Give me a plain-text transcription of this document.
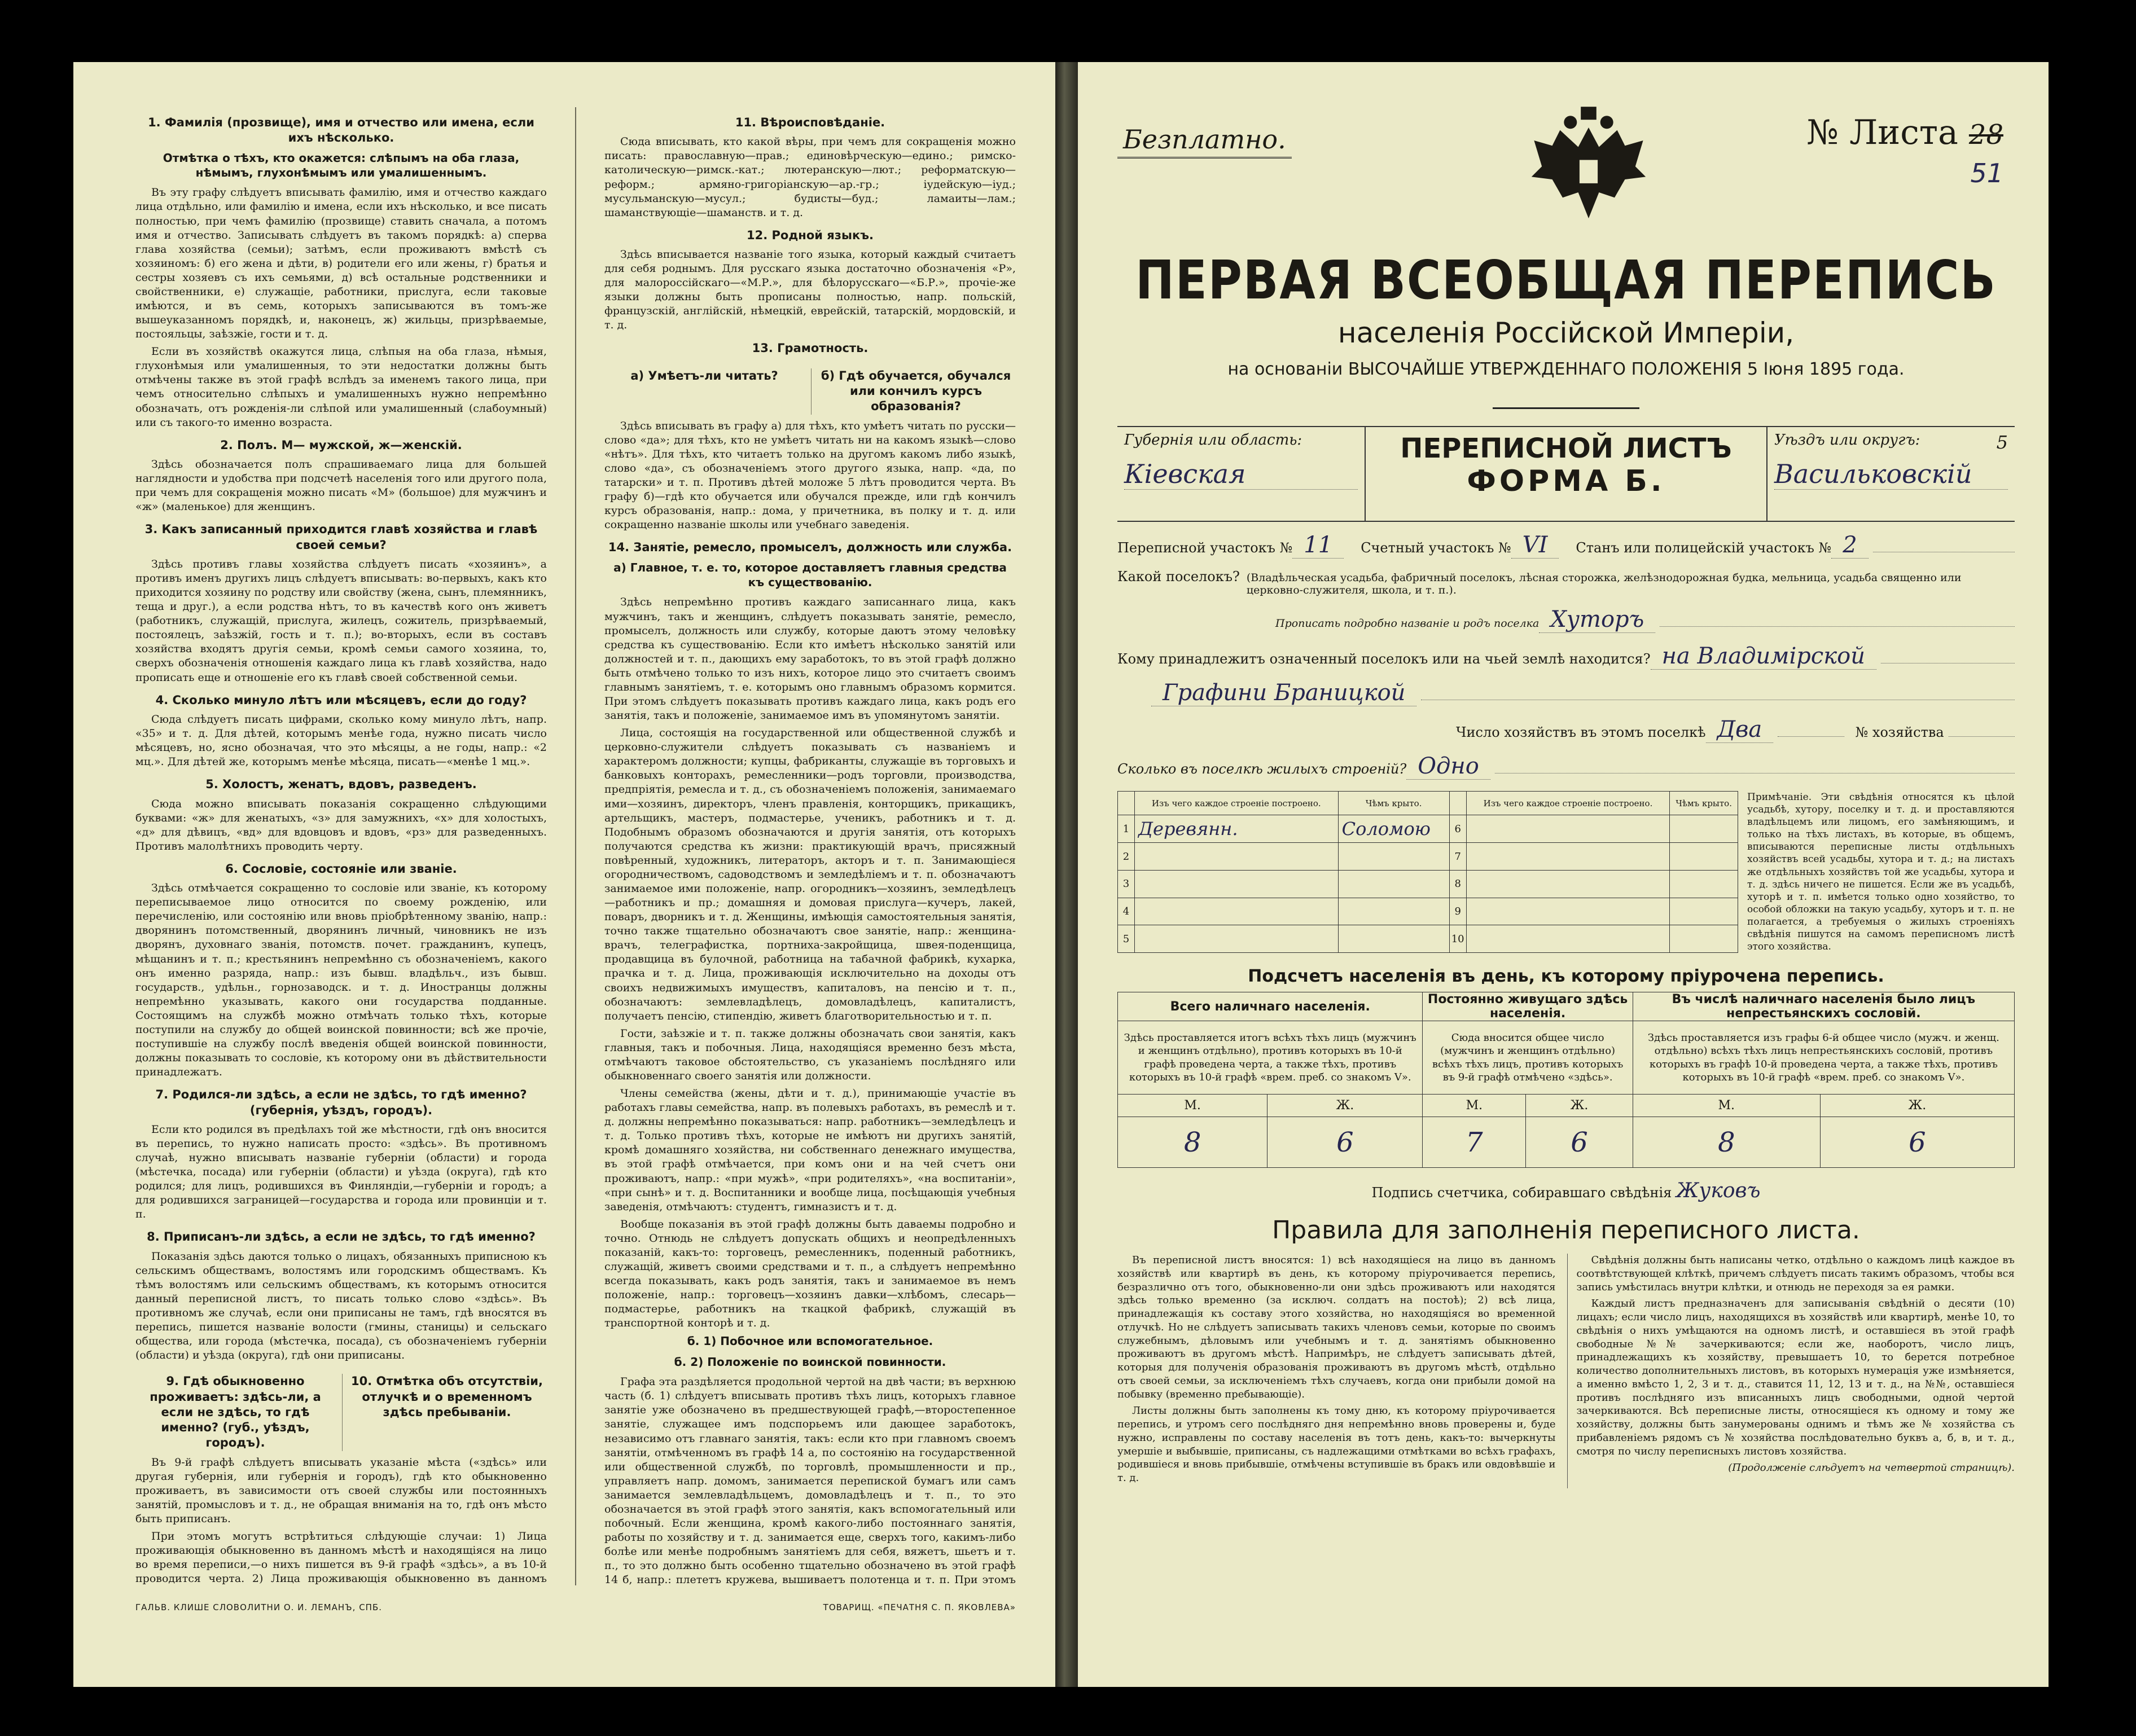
1. Фамилія (прозвище), имя и отчество или имена, если ихъ нѣсколько.
Отмѣтка о тѣхъ, кто окажется: слѣпымъ на оба глаза, нѣмымъ, глухонѣмымъ или умалишеннымъ.

Въ эту графу слѣдуетъ вписывать фамилію, имя и отчество каждаго лица отдѣльно, или фамилію и имена, если ихъ нѣсколько, и все писать полностью, при чемъ фамилію (прозвище) ставить сначала, а потомъ имя и отчество. Записывать слѣдуетъ въ такомъ порядкѣ: а) сперва глава хозяйства (семьи); затѣмъ, если проживаютъ вмѣстѣ съ хозяиномъ: б) его жена и дѣти, в) родители его или жены, г) братья и сестры хозяевъ съ ихъ семьями, д) всѣ остальные родственники и свойственники, е) служащіе, работники, прислуга, если таковые имѣются, и въ семь, которыхъ записываются въ томъ-же вышеуказанномъ порядкѣ, и, наконецъ, ж) жильцы, призрѣваемые, постояльцы, заѣзжіе, гости и т. д.

Если въ хозяйствѣ окажутся лица, слѣпыя на оба глаза, нѣмыя, глухонѣмыя или умалишенныя, то эти недостатки должны быть отмѣчены также въ этой графѣ вслѣдъ за именемъ такого лица, при чемъ относительно слѣпыхъ и умалишенныхъ нужно непремѣнно обозначать, отъ рожденія-ли слѣпой или умалишенный (слабоумный) или съ такого-то именно возраста.

2. Полъ. М— мужской, ж—женскій.

Здѣсь обозначается полъ спрашиваемаго лица для большей наглядности и удобства при подсчетѣ населенія того или другого пола, при чемъ для сокращенія можно писать «М» (большое) для мужчинъ и «ж» (маленькое) для женщинъ.

3. Какъ записанный приходится главѣ хозяйства и главѣ своей семьи?

Здѣсь противъ главы хозяйства слѣдуетъ писать «хозяинъ», а противъ именъ другихъ лицъ слѣдуетъ вписывать: во-первыхъ, какъ кто приходится хозяину по родству или свойству (жена, сынъ, племянникъ, теща и друг.), а если родства нѣтъ, то въ качествѣ кого онъ живетъ (работникъ, служащій, прислуга, жилецъ, сожитель, призрѣваемый, постоялецъ, заѣзжій, гость и т. п.); во-вторыхъ, если въ составъ хозяйства входятъ другія семьи, кромѣ семьи самого хозяина, то, сверхъ обозначенія отношенія каждаго лица къ главѣ хозяйства, надо прописать еще и отношеніе его къ главѣ своей собственной семьи.

4. Сколько минуло лѣтъ или мѣсяцевъ, если до году?

Сюда слѣдуетъ писать цифрами, сколько кому минуло лѣтъ, напр. «35» и т. д. Для дѣтей, которымъ менѣе года, нужно писать число мѣсяцевъ, но, ясно обозначая, что это мѣсяцы, а не годы, напр.: «2 мц.». Для дѣтей же, которымъ менѣе мѣсяца, писать—«менѣе 1 мц.».

5. Холостъ, женатъ, вдовъ, разведенъ.

Сюда можно вписывать показанія сокращенно слѣдующими буквами: «ж» для женатыхъ, «з» для замужнихъ, «х» для холостыхъ, «д» для дѣвицъ, «вд» для вдовцовъ и вдовъ, «рз» для разведенныхъ. Противъ малолѣтнихъ проводить черту.

6. Сословіе, состояніе или званіе.

Здѣсь отмѣчается сокращенно то сословіе или званіе, къ которому переписываемое лицо относится по своему рожденію, или перечисленію, или состоянію или вновь пріобрѣтенному званію, напр.: дворянинъ потомственный, дворянинъ личный, чиновникъ не изъ дворянъ, духовнаго званія, потомств. почет. гражданинъ, купецъ, мѣщанинъ и т. п.; крестьянинъ непремѣнно съ обозначеніемъ, какого онъ именно разряда, напр.: изъ бывш. владѣльч., изъ бывш. государств., удѣльн., горнозаводск. и т. д. Иностранцы должны непремѣнно указывать, какого они государства подданные. Состоящимъ на службѣ можно отмѣчать только тѣхъ, которые поступили на службу до общей воинской повинности; всѣ же прочіе, поступившіе на службу послѣ введенія общей воинской повинности, должны показывать то сословіе, къ которому они въ дѣйствительности принадлежатъ.

7. Родился-ли здѣсь, а если не здѣсь, то гдѣ именно? (губернія, уѣздъ, городъ).

Если кто родился въ предѣлахъ той же мѣстности, гдѣ онъ вносится въ перепись, то нужно написать просто: «здѣсь». Въ противномъ случаѣ, нужно вписывать названіе губерніи (области) и города (мѣстечка, посада) или губерніи (области) и уѣзда (округа), гдѣ кто родился; для лицъ, родившихся въ Финляндіи,—губерніи и городъ; а для родившихся заграницей—государства и города или провинціи и т. п.

8. Приписанъ-ли здѣсь, а если не здѣсь, то гдѣ именно?

Показанія здѣсь даются только о лицахъ, обязанныхъ приписною къ сельскимъ обществамъ, волостямъ или городскимъ обществамъ. Къ тѣмъ волостямъ или сельскимъ обществамъ, къ которымъ относится данный переписной листъ, то писать только слово «здѣсь». Въ противномъ же случаѣ, если они приписаны не тамъ, гдѣ вносятся въ перепись, пишется названіе волости (гмины, станицы) и сельскаго общества, или города (мѣстечка, посада), съ обозначеніемъ губерніи (области) и уѣзда (округа), гдѣ они приписаны.

9. Гдѣ обыкновенно проживаетъ: здѣсь-ли, а если не здѣсь, то гдѣ именно? (губ., уѣздъ, городъ).
10. Отмѣтка объ отсутствіи, отлучкѣ и о временномъ здѣсь пребываніи.

Въ 9-й графѣ слѣдуетъ вписывать указаніе мѣста («здѣсь» или другая губернія, или губернія и городъ), гдѣ кто обыкновенно проживаетъ, въ зависимости отъ своей службы или постоянныхъ занятій, промысловъ и т. д., не обращая вниманія на то, гдѣ онъ мѣсто быть приписанъ.

При этомъ могутъ встрѣтиться слѣдующіе случаи: 1) Лица проживающія обыкновенно въ данномъ мѣстѣ и находящіяся на лицо во время переписи,—о нихъ пишется въ 9-й графѣ «здѣсь», а въ 10-й проводится черта. 2) Лица проживающія обыкновенно въ данномъ

11. Вѣроисповѣданіе.

Сюда вписывать, кто какой вѣры, при чемъ для сокращенія можно писать: православную—прав.; единовѣрческую—едино.; римско-католическую—римск.-кат.; лютеранскую—лют.; реформатскую—реформ.; армяно-григоріанскую—ар.-гр.; іудейскую—іуд.; мусульманскую—мусул.; будисты—буд.; ламаиты—лам.; шаманствующіе—шаманств. и т. д.

12. Родной языкъ.

Здѣсь вписывается названіе того языка, который каждый считаетъ для себя роднымъ. Для русскаго языка достаточно обозначенія «Р», для малороссійскаго—«М.Р.», для бѣлорусскаго—«Б.Р.», прочіе-же языки должны быть прописаны полностью, напр. польскій, французскій, англійскій, нѣмецкій, еврейскій, татарскій, мордовскій, и т. д.

13. Грамотность.
а) Умѣетъ-ли читать?	б) Гдѣ обучается, обучался или кончилъ курсъ образованія?

Здѣсь вписывать въ графу а) для тѣхъ, кто умѣетъ читать по русски—слово «да»; для тѣхъ, кто не умѣетъ читать ни на какомъ языкѣ—слово «нѣтъ». Для тѣхъ, кто читаетъ только на другомъ какомъ либо языкѣ, слово «да», съ обозначеніемъ этого другого языка, напр. «да, по татарски» и т. п. Противъ дѣтей моложе 5 лѣтъ проводится черта. Въ графу б)—гдѣ кто обучается или обучался прежде, или гдѣ кончилъ курсъ образованія, напр.: дома, у причетника, въ полку и т. д. или сокращенно названіе школы или учебнаго заведенія.

14. Занятіе, ремесло, промыселъ, должность или служба.
а) Главное, т. е. то, которое доставляетъ главныя средства къ существованію.

Здѣсь непремѣнно противъ каждаго записаннаго лица, какъ мужчинъ, такъ и женщинъ, слѣдуетъ показывать занятіе, ремесло, промыселъ, должность или службу, которые даютъ этому человѣку средства къ существованію. Если кто имѣетъ нѣсколько занятій или должностей и т. п., дающихъ ему заработокъ, то въ этой графѣ должно быть отмѣчено только то изъ нихъ, которое лицо это считаетъ своимъ главнымъ занятіемъ, т. е. которымъ оно главнымъ образомъ кормится. При этомъ слѣдуетъ показывать противъ каждаго лица, какъ родъ его занятія, такъ и положеніе, занимаемое имъ въ упомянутомъ занятіи.

Лица, состоящія на государственной или общественной службѣ и церковно-служители слѣдуетъ показывать съ названіемъ и характеромъ должности; купцы, фабриканты, служащіе въ торговыхъ и банковыхъ конторахъ, ремесленники—родъ торговли, производства, предпріятія, ремесла и т. д., съ обозначеніемъ положенія, занимаемаго ими—хозяинъ, директоръ, членъ правленія, конторщикъ, прикащикъ, артельщикъ, мастеръ, подмастерье, ученикъ, работникъ и т. д. Подобнымъ образомъ обозначаются и другія занятія, отъ которыхъ получаются средства къ жизни: практикующій врачъ, присяжный повѣренный, художникъ, литераторъ, акторъ и т. п. Занимающіеся огородничествомъ, садоводствомъ и земледѣліемъ и т. п. обозначаютъ занимаемое ими положеніе, напр. огородникъ—хозяинъ, земледѣлецъ—работникъ и пр.; домашняя и домовая прислуга—кучеръ, лакей, поваръ, дворникъ и т. д. Женщины, имѣющія самостоятельныя занятія, точно также тщательно обозначаютъ свое занятіе, напр.: женщина-врачъ, телеграфистка, портниха-закройщица, швея-поденщица, продавщица въ булочной, работница на табачной фабрикѣ, кухарка, прачка и т. д. Лица, проживающія исключительно на доходы отъ своихъ недвижимыхъ имуществъ, капиталовъ, на пенсію и т. п., обозначаютъ: землевладѣлецъ, домовладѣлецъ, капиталистъ, получаетъ пенсію, стипендію, живетъ благотворительностью и т. п.

Гости, заѣзжіе и т. п. также должны обозначать свои занятія, какъ главныя, такъ и побочныя. Лица, находящіяся временно безъ мѣста, отмѣчаютъ таковое обстоятельство, съ указаніемъ послѣдняго или обыкновеннаго своего занятія или должности.

Члены семейства (жены, дѣти и т. д.), принимающіе участіе въ работахъ главы семейства, напр. въ полевыхъ работахъ, въ ремеслѣ и т. д. должны непремѣнно показываться: напр. работникъ—земледѣлецъ и т. д. Только противъ тѣхъ, которые не имѣютъ ни другихъ занятій, кромѣ домашняго хозяйства, ни собственнаго денежнаго имущества, въ этой графѣ отмѣчается, при комъ они и на чей счетъ они проживаютъ, напр.: «при мужѣ», «при родителяхъ», «на воспитаніи», «при сынѣ» и т. д. Воспитанники и вообще лица, посѣщающія учебныя заведенія, отмѣчаютъ: студентъ, гимназистъ и т. д.

Вообще показанія въ этой графѣ должны быть даваемы подробно и точно. Отнюдь не слѣдуетъ допускать общихъ и неопредѣленныхъ показаній, какъ-то: торговецъ, ремесленникъ, поденный работникъ, служащій, живетъ своими средствами и т. п., а слѣдуетъ непремѣнно всегда показывать, какъ родъ занятія, такъ и занимаемое въ немъ положеніе, напр.: торговецъ—хозяинъ давки—хлѣбомъ, слесарь—подмастерье, работникъ на ткацкой фабрикѣ, служащій въ транспортной конторѣ и т. д.

б. 1) Побочное или вспомогательное.
б. 2) Положеніе по воинской повинности.

Графа эта раздѣляется продольной чертой на двѣ части; въ верхнюю часть (б. 1) слѣдуетъ вписывать противъ тѣхъ лицъ, которыхъ главное занятіе уже обозначено въ предшествующей графѣ,—второстепенное занятіе, служащее имъ подспорьемъ или дающее заработокъ, независимо отъ главнаго занятія, такъ: если кто при главномъ своемъ занятіи, отмѣченномъ въ графѣ 14 а, по состоянію на государственной или общественной службѣ, по торговлѣ, промышленности и пр., управляетъ напр. домомъ, занимается перепиской бумагъ или самъ занимается землевладѣльцемъ, домовладѣлецъ и т. п., то это обозначается въ этой графѣ этого занятія, какъ вспомогательный или побочный. Если женщина, кромѣ какого-либо постояннаго занятія, работы по хозяйству и т. д. занимается еще, сверхъ того, какимъ-либо болѣе или менѣе подробнымъ занятіемъ для себя, вяжетъ, шьетъ и т. п., то это должно быть особенно тщательно обозначено въ этой графѣ 14 б, напр.: плететъ кружева, вышиваетъ полотенца и т. п. При этомъ

ГАЛЬВ. КЛИШЕ СЛОВОЛИТНИ О. И. ЛЕМАНЪ, СПБ.	ТОВАРИЩ. «ПЕЧАТНЯ С. П. ЯКОВЛЕВА»
Безплатно.	№ Листа 28
51
ПЕРВАЯ ВСЕОБЩАЯ ПЕРЕПИСЬ
населенія Россійской Имперіи,
на основаніи ВЫСОЧАЙШЕ УТВЕРЖДЕННАГО ПОЛОЖЕНІЯ 5 Іюня 1895 года.
Губернія или область:
Кіевская
ПЕРЕПИСНОЙ ЛИСТЪ
ФОРМА Б.
Уѣздъ или округъ:	5
Васильковскій
Переписной участокъ № 11	Счетный участокъ № VI	Станъ или полицейскій участокъ № 2
Какой поселокъ? (Владѣльческая усадьба, фабричный поселокъ, лѣсная сторожка, желѣзнодорожная будка, мельница, усадьба священно или церковно-служителя, школа, и т. п.).
Прописать подробно названіе и родъ поселка Хуторъ
Кому принадлежитъ означенный поселокъ или на чьей землѣ находится? на Владимірской
Графини Браницкой
Число хозяйствъ въ этомъ поселкѣ Два	№ хозяйства
Сколько въ поселкѣ жилыхъ строеній? Одно
	Изъ чего каждое строеніе построено.	Чѣмъ крыто.		Изъ чего каждое строеніе построено.	Чѣмъ крыто.
1	Деревянн.	Соломою	6		
2			7		
3			8		
4			9		
5			10		
Примѣчаніе. Эти свѣдѣнія относятся къ цѣлой усадьбѣ, хутору, поселку и т. д. и проставляются владѣльцемъ или лицомъ, его замѣняющимъ, и только на тѣхъ листахъ, въ которые, въ общемъ, вписываются переписные листы отдѣльныхъ хозяйствъ всей усадьбы, хутора и т. д.; на листахъ же отдѣльныхъ хозяйствъ той же усадьбы, хутора и т. д. здѣсь ничего не пишется. Если же въ усадьбѣ, хуторѣ и т. п. имѣется только одно хозяйство, то особой обложки на такую усадьбу, хуторъ и т. п. не полагается, а требуемыя о жилыхъ строеніяхъ свѣдѣнія пишутся на самомъ переписномъ листѣ этого хозяйства.
Подсчетъ населенія въ день, къ которому пріурочена перепись.
Всего наличнаго населенія.		Постоянно живущаго здѣсь населенія.		Въ числѣ наличнаго населенія было лицъ непрестьянскихъ сословій.	
Здѣсь проставляется итогъ всѣхъ тѣхъ лицъ (мужчинъ и женщинъ отдѣльно), противъ которыхъ въ 10-й графѣ проведена черта, а также тѣхъ, противъ которыхъ въ 10-й графѣ «врем. преб. со знакомъ V».		Сюда вносится общее число (мужчинъ и женщинъ отдѣльно) всѣхъ тѣхъ лицъ, противъ которыхъ въ 9-й графѣ отмѣчено «здѣсь».		Здѣсь проставляется изъ графы 6-й общее число (мужч. и женщ. отдѣльно) всѣхъ тѣхъ лицъ непрестьянскихъ сословій, противъ которыхъ въ графѣ 10-й проведена черта, а также тѣхъ, противъ которыхъ въ 10-й графѣ «врем. преб. со знакомъ V».	
М.	Ж.	М.	Ж.	М.	Ж.
8	6	7	6	8	6
Подпись счетчика, собиравшаго свѣдѣнія Жуковъ
Правила для заполненія переписного листа.

Въ переписной листъ вносятся: 1) всѣ находящіеся на лицо въ данномъ хозяйствѣ или квартирѣ въ день, къ которому пріурочивается перепись, безразлично отъ того, обыкновенно-ли они здѣсь проживаютъ или находятся здѣсь только временно (за исключ. солдатъ на постоѣ); 2) всѣ лица, принадлежащія къ составу этого хозяйства, но находящіяся во временной отлучкѣ. Но не слѣдуетъ записывать такихъ членовъ семьи, которые по своимъ служебнымъ, дѣловымъ или учебнымъ и т. д. занятіямъ обыкновенно проживаютъ въ другомъ мѣстѣ. Напримѣръ, не слѣдуетъ записывать дѣтей, которыя для полученія образованія проживаютъ въ другомъ мѣстѣ, отдѣльно отъ своей семьи, за исключеніемъ тѣхъ случаевъ, когда они прибыли домой на побывку (временно пребывающіе).

Листы должны быть заполнены къ тому дню, къ которому пріурочивается перепись, и утромъ сего послѣдняго дня непремѣнно вновь проверены и, буде нужно, исправлены по составу населенія въ тотъ день, какъ-то: вычеркнуты умершіе и выбывшіе, приписаны, съ надлежащими отмѣтками во всѣхъ графахъ, родившіеся и вновь прибывшіе, отмѣчены вступившіе въ бракъ или овдовѣвшіе и т. д.

Свѣдѣнія должны быть написаны четко, отдѣльно о каждомъ лицѣ каждое въ соотвѣтствующей клѣткѣ, причемъ слѣдуетъ писать такимъ образомъ, чтобы вся запись умѣстилась внутри клѣтки, и отнюдь не переходя за ея рамки.

Каждый листъ предназначенъ для записыванія свѣдѣній о десяти (10) лицахъ; если число лицъ, находящихся въ хозяйствѣ или квартирѣ, менѣе 10, то свѣдѣнія о нихъ умѣщаются на одномъ листѣ, и оставшіеся въ этой графѣ свободные №№ зачеркиваются; если же, наоборотъ, число лицъ, принадлежащихъ къ хозяйству, превышаетъ 10, то берется потребное количество дополнительныхъ листовъ, въ которыхъ нумерація уже измѣняется, а именно вмѣсто 1, 2, 3 и т. д., ставится 11, 12, 13 и т. д., на №№, оставшіеся противъ послѣдняго изъ вписанныхъ лицъ свободными, одной чертой зачеркиваются. Всѣ переписные листы, относящіеся къ одному и тому же хозяйству, должны быть занумерованы однимъ и тѣмъ же № хозяйства съ прибавленіемъ рядомъ съ № хозяйства послѣдовательно буквъ а, б, в, и т. д., смотря по числу переписныхъ листовъ хозяйства.

(Продолженіе слѣдуетъ на четвертой страницѣ).
